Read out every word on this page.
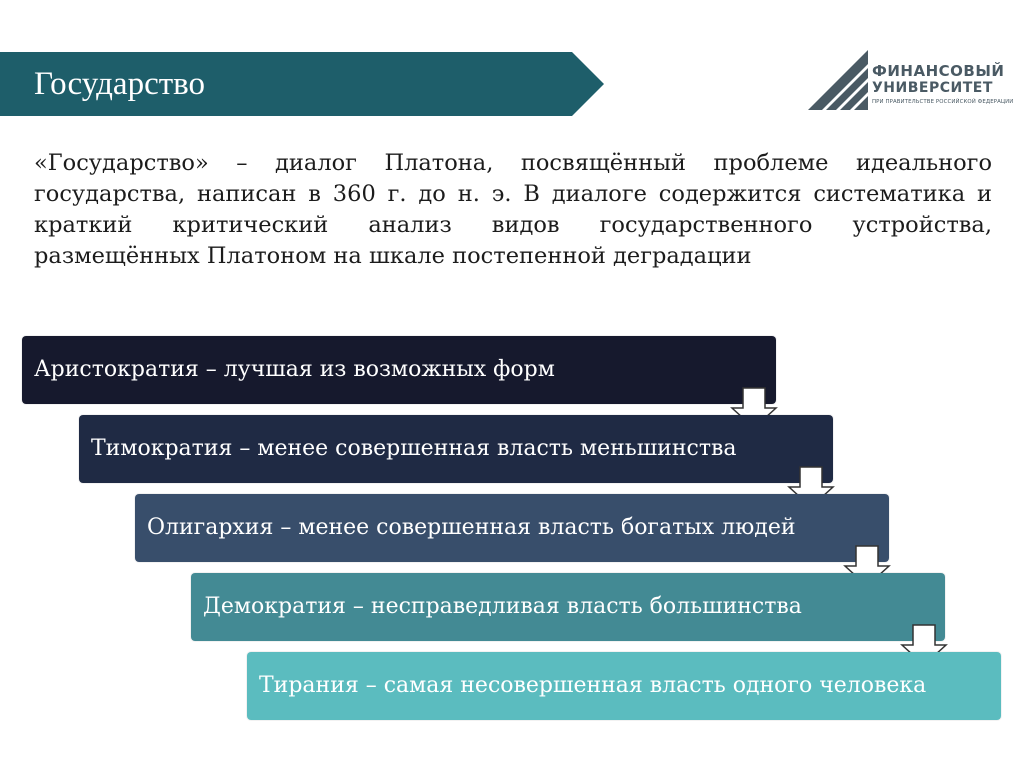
Государство	ФИНАНСОВЫЙ
УНИВЕРСИТЕТ
ПРИ ПРАВИТЕЛЬСТВЕ РОССИЙСКОЙ ФЕДЕРАЦИИ
«Государство» – диалог Платона, посвящённый проблеме идеального государства, написан в 360 г. до н. э. В диалоге содержится систематика и краткий критический анализ видов государственного устройства, размещённых Платоном на шкале постепенной деградации
Аристократия – лучшая из возможных форм
Тимократия – менее совершенная власть меньшинства
Олигархия – менее совершенная власть богатых людей
Демократия – несправедливая власть большинства
Тирания – самая несовершенная власть одного человека
